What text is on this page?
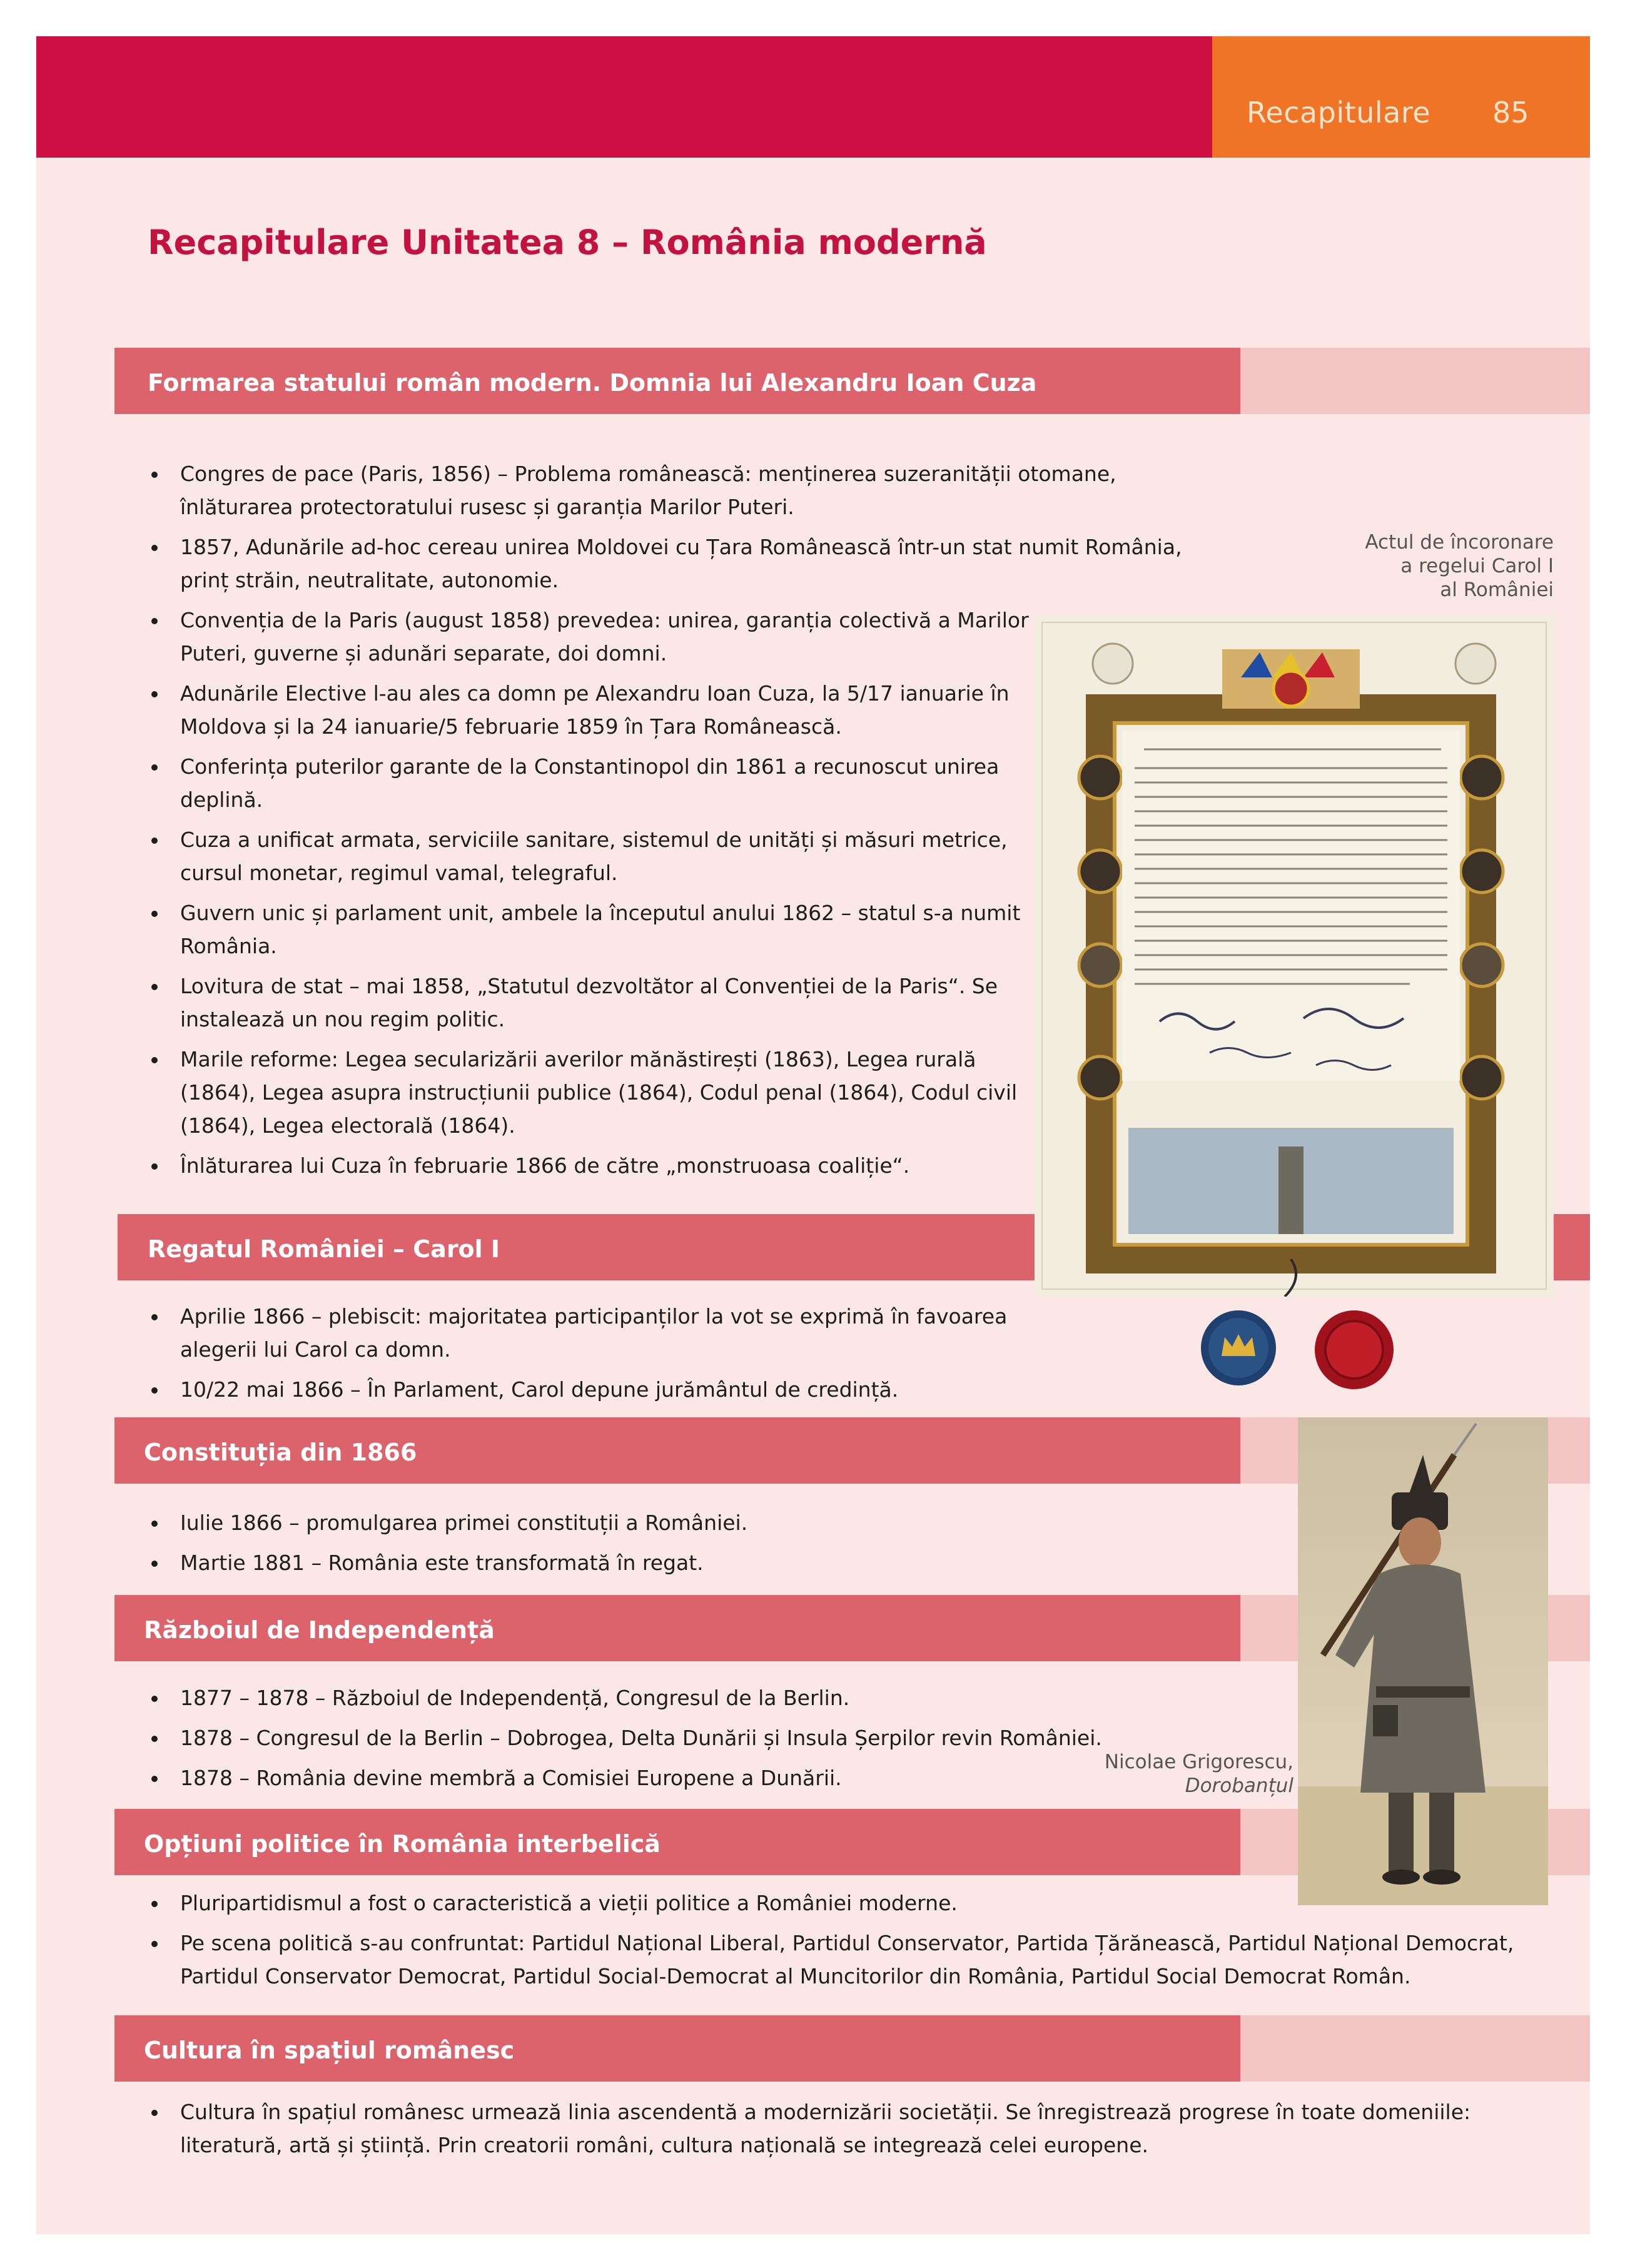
Recapitulare 85
Recapitulare Unitatea 8 – România modernă
Formarea statului român modern. Domnia lui Alexandru Ioan Cuza
Congres de pace (Paris, 1856) – Problema românească: menținerea suzeranității otomane, înlăturarea protectoratului rusesc și garanția Marilor Puteri.
1857, Adunările ad-hoc cereau unirea Moldovei cu Țara Românească într-un stat numit România, prinț străin, neutralitate, autonomie.
Convenția de la Paris (august 1858) prevedea: unirea, garanția colectivă a Marilor Puteri, guverne și adunări separate, doi domni.
Adunările Elective l-au ales ca domn pe Alexandru Ioan Cuza, la 5/17 ianuarie în Moldova și la 24 ianuarie/5 februarie 1859 în Țara Românească.
Conferința puterilor garante de la Constantinopol din 1861 a recunoscut unirea deplină.
Cuza a unificat armata, serviciile sanitare, sistemul de unități și măsuri metrice, cursul monetar, regimul vamal, telegraful.
Guvern unic și parlament unit, ambele la începutul anului 1862 – statul s-a numit România.
Lovitura de stat – mai 1858, „Statutul dezvoltător al Convenției de la Paris“. Se instalează un nou regim politic.
Marile reforme: Legea secularizării averilor mănăstirești (1863), Legea rurală (1864), Legea asupra instrucțiunii publice (1864), Codul penal (1864), Codul civil (1864), Legea electorală (1864).
Înlăturarea lui Cuza în februarie 1866 de către „monstruoasa coaliție“.
Regatul României – Carol I
Aprilie 1866 – plebiscit: majoritatea participanților la vot se exprimă în favoarea alegerii lui Carol ca domn.
10/22 mai 1866 – În Parlament, Carol depune jurământul de credință.
Constituția din 1866
Iulie 1866 – promulgarea primei constituții a României.
Martie 1881 – România este transformată în regat.
Războiul de Independență
1877 – 1878 – Războiul de Independență, Congresul de la Berlin.
1878 – Congresul de la Berlin – Dobrogea, Delta Dunării și Insula Șerpilor revin României.
1878 – România devine membră a Comisiei Europene a Dunării.
Opțiuni politice în România interbelică
Pluripartidismul a fost o caracteristică a vieții politice a României moderne.
Pe scena politică s-au confruntat: Partidul Național Liberal, Partidul Conservator, Partida Țărănească, Partidul Național Democrat, Partidul Conservator Democrat, Partidul Social-Democrat al Muncitorilor din România, Partidul Social Democrat Român.
Cultura în spațiul românesc
Cultura în spațiul românesc urmează linia ascendentă a modernizării societății. Se înregistrează progrese în toate domeniile: literatură, artă și știință. Prin creatorii români, cultura națională se integrează celei europene.
Actul de încoronare
a regelui Carol I
al României
Nicolae Grigorescu,
Dorobanțul
